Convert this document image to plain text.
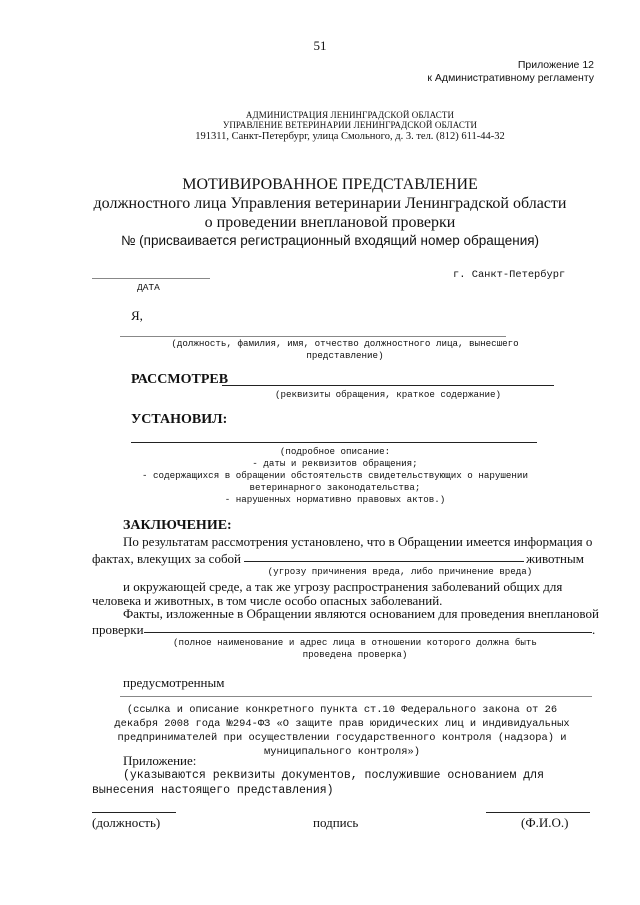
51
Приложение 12
к Административному регламенту
АДМИНИСТРАЦИЯ ЛЕНИНГРАДСКОЙ ОБЛАСТИ
УПРАВЛЕНИЕ ВЕТЕРИНАРИИ ЛЕНИНГРАДСКОЙ ОБЛАСТИ
191311, Санкт-Петербург, улица Смольного, д. 3. тел. (812) 611-44-32
МОТИВИРОВАННОЕ ПРЕДСТАВЛЕНИЕ
должностного лица Управления ветеринарии Ленинградской области
о проведении внеплановой проверки
№ (присваивается регистрационный входящий номер обращения)
ДАТА
г. Санкт-Петербург
Я,
(должность, фамилия, имя, отчество должностного лица, вынесшего
представление)
РАССМОТРЕВ
(реквизиты обращения, краткое содержание)
УСТАНОВИЛ:
(подробное описание:
- даты и реквизитов обращения;
- содержащихся в обращении обстоятельств свидетельствующих о нарушении
ветеринарного законодательства;
- нарушенных нормативно правовых актов.)
ЗАКЛЮЧЕНИЕ:
По результатам рассмотрения установлено, что в Обращении имеется информация о
фактах, влекущих за собой	животным
(угрозу причинения вреда, либо причинение вреда)
и окружающей среде, а так же угрозу распространения заболеваний общих для
человека и животных, в том числе особо опасных заболеваний.
Факты, изложенные в Обращении являются основанием для проведения внеплановой
проверки	.
(полное наименование и адрес лица в отношении которого должна быть
проведена проверка)
предусмотренным
(ссылка и описание конкретного пункта ст.10 Федерального закона от 26
декабря 2008 года №294-ФЗ «О защите прав юридических лиц и индивидуальных
предпринимателей при осуществлении государственного контроля (надзора) и
муниципального контроля»)
Приложение:
(указываются реквизиты документов, послужившие основанием для
вынесения настоящего представления)
(должность)	подпись	(Ф.И.О.)
